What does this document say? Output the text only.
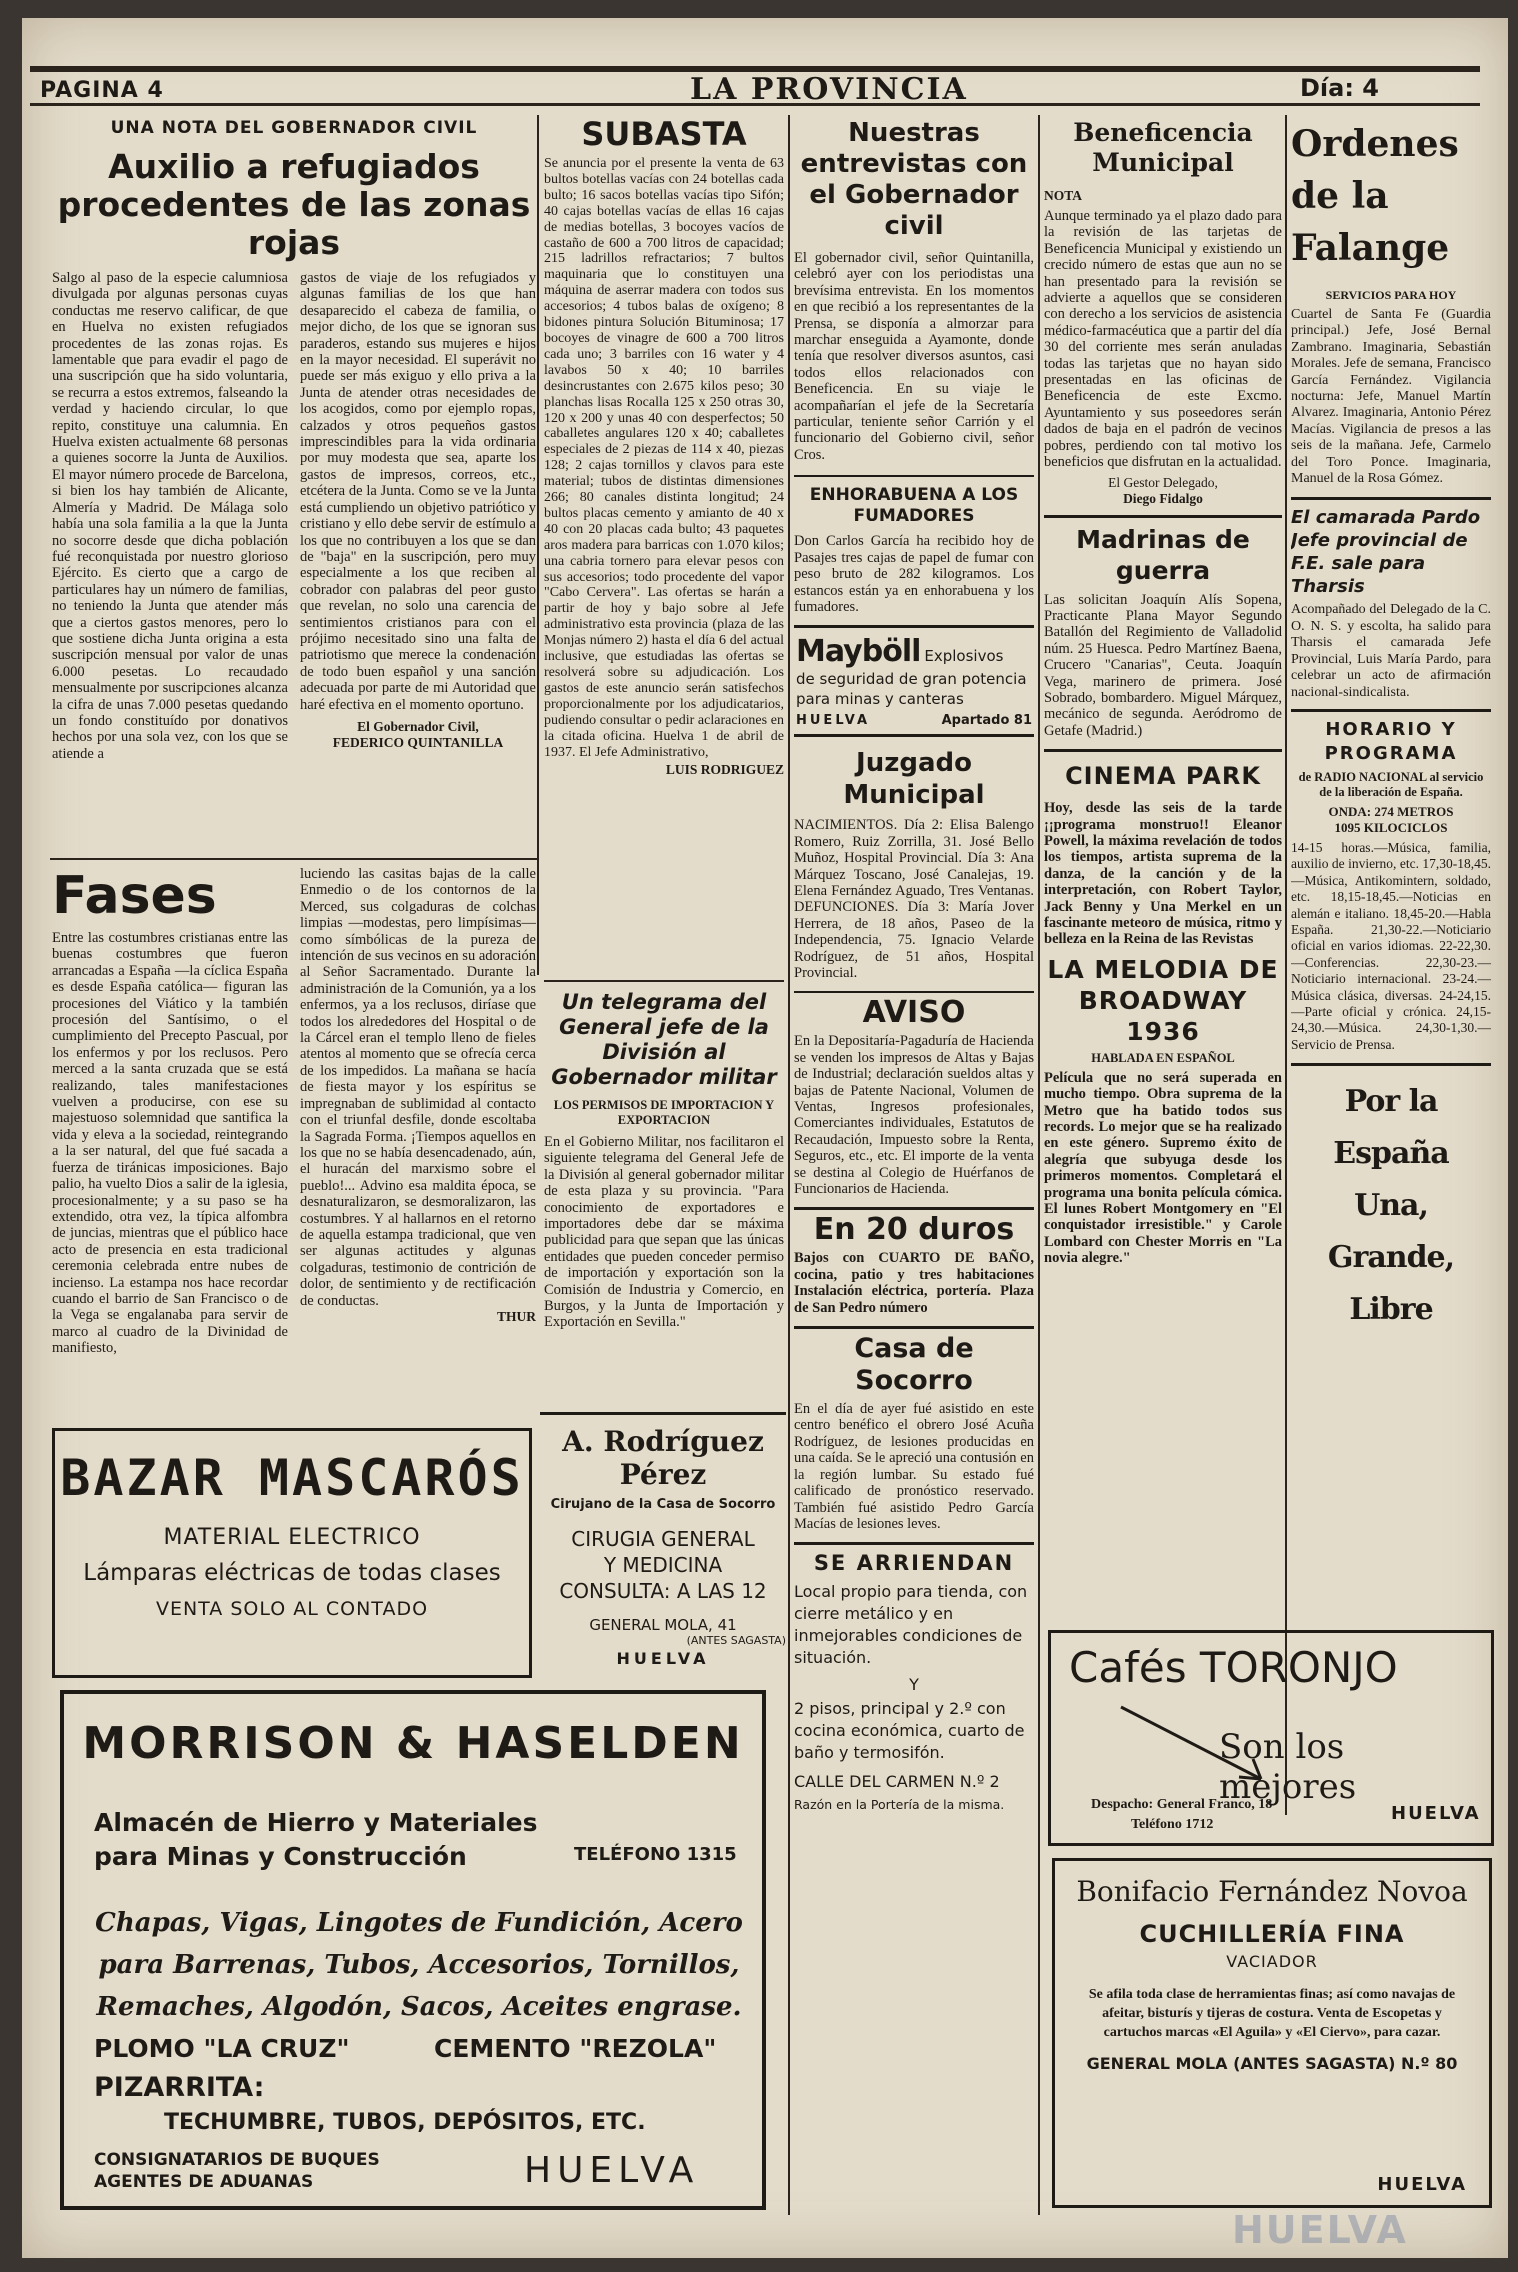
PAGINA 4	LA PROVINCIA	Día: 4
UNA NOTA DEL GOBERNADOR CIVIL
Auxilio a refugiados procedentes de las zonas rojas
Salgo al paso de la especie calumniosa divulgada por algunas personas cuyas conductas me reservo calificar, de que en Huelva no existen refugiados procedentes de las zonas rojas. Es lamentable que para evadir el pago de una suscripción que ha sido voluntaria, se recurra a estos extremos, falseando la verdad y haciendo circular, lo que repito, constituye una calumnia. En Huelva existen actualmente 68 personas a quienes socorre la Junta de Auxilios. El mayor número procede de Barcelona, si bien los hay también de Alicante, Almería y Madrid. De Málaga solo había una sola familia a la que la Junta no socorre desde que dicha población fué reconquistada por nuestro glorioso Ejército. Es cierto que a cargo de particulares hay un número de familias, no teniendo la Junta que atender más que a ciertos gastos menores, pero lo que sostiene dicha Junta origina a esta suscripción mensual por valor de unas 6.000 pesetas. Lo recaudado mensualmente por suscripciones alcanza la cifra de unas 7.000 pesetas quedando un fondo constituído por donativos hechos por una sola vez, con los que se atiende a
gastos de viaje de los refugiados y algunas familias de los que han desaparecido el cabeza de familia, o mejor dicho, de los que se ignoran sus paraderos, estando sus mujeres e hijos en la mayor necesidad. El superávit no puede ser más exiguo y ello priva a la Junta de atender otras necesidades de los acogidos, como por ejemplo ropas, calzados y otros pequeños gastos imprescindibles para la vida ordinaria por muy modesta que sea, aparte los gastos de impresos, correos, etc., etcétera de la Junta. Como se ve la Junta está cumpliendo un objetivo patriótico y cristiano y ello debe servir de estímulo a los que no contribuyen a los que se dan de "baja" en la suscripción, pero muy especialmente a los que reciben al cobrador con palabras del peor gusto que revelan, no solo una carencia de sentimientos cristianos para con el prójimo necesitado sino una falta de patriotismo que merece la condenación de todo buen español y una sanción adecuada por parte de mi Autoridad que haré efectiva en el momento oportuno.
El Gobernador Civil,
FEDERICO QUINTANILLA
Fases
Entre las costumbres cristianas entre las buenas costumbres que fueron arrancadas a España —la cíclica España es desde España católica— figuran las procesiones del Viático y la también procesión del Santísimo, o el cumplimiento del Precepto Pascual, por los enfermos y por los reclusos. Pero merced a la santa cruzada que se está realizando, tales manifestaciones vuelven a producirse, con ese su majestuoso solemnidad que santifica la vida y eleva a la sociedad, reintegrando a la ser natural, del que fué sacada a fuerza de tiránicas imposiciones. Bajo palio, ha vuelto Dios a salir de la iglesia, procesionalmente; y a su paso se ha extendido, otra vez, la típica alfombra de juncias, mientras que el público hace acto de presencia en esta tradicional ceremonia celebrada entre nubes de incienso. La estampa nos hace recordar cuando el barrio de San Francisco o de la Vega se engalanaba para servir de marco al cuadro de la Divinidad de manifiesto,
luciendo las casitas bajas de la calle Enmedio o de los contornos de la Merced, sus colgaduras de colchas limpias —modestas, pero limpísimas— como símbólicas de la pureza de intención de sus vecinos en su adoración al Señor Sacramentado. Durante la administración de la Comunión, ya a los enfermos, ya a los reclusos, diríase que todos los alrededores del Hospital o de la Cárcel eran el templo lleno de fieles atentos al momento que se ofrecía cerca de los impedidos. La mañana se hacía de fiesta mayor y los espíritus se impregnaban de sublimidad al contacto con el triunfal desfile, donde escoltaba la Sagrada Forma. ¡Tiempos aquellos en los que no se había desencadenado, aún, el huracán del marxismo sobre el pueblo!... Advino esa maldita época, se desnaturalizaron, se desmoralizaron, las costumbres. Y al hallarnos en el retorno de aquella estampa tradicional, que ven ser algunas actitudes y algunas colgaduras, testimonio de contrición de dolor, de sentimiento y de rectificación de conductas.
THUR
BAZAR MASCARÓS
MATERIAL ELECTRICO
Lámparas eléctricas de todas clases
VENTA SOLO AL CONTADO
MORRISON & HASELDEN
Almacén de Hierro y Materiales
para Minas y Construcción	TELÉFONO 1315
Chapas, Vigas, Lingotes de Fundición, Acero
para Barrenas, Tubos, Accesorios, Tornillos,
Remaches, Algodón, Sacos, Aceites engrase.
PLOMO "LA CRUZ"	CEMENTO "REZOLA"
PIZARRITA:
TECHUMBRE, TUBOS, DEPÓSITOS, ETC.
CONSIGNATARIOS DE BUQUES
AGENTES DE ADUANAS	HUELVA
SUBASTA
Se anuncia por el presente la venta de 63 bultos botellas vacías con 24 botellas cada bulto; 16 sacos botellas vacías tipo Sifón; 40 cajas botellas vacías de ellas 16 cajas de medias botellas, 3 bocoyes vacíos de castaño de 600 a 700 litros de capacidad; 215 ladrillos refractarios; 7 bultos maquinaria que lo constituyen una máquina de aserrar madera con todos sus accesorios; 4 tubos balas de oxígeno; 8 bidones pintura Solución Bituminosa; 17 bocoyes de vinagre de 600 a 700 litros cada uno; 3 barriles con 16 water y 4 lavabos 50 x 40; 10 barriles desincrustantes con 2.675 kilos peso; 30 planchas lisas Rocalla 125 x 250 otras 30, 120 x 200 y unas 40 con desperfectos; 50 caballetes angulares 120 x 40; caballetes especiales de 2 piezas de 114 x 40, piezas 128; 2 cajas tornillos y clavos para este material; tubos de distintas dimensiones 266; 80 canales distinta longitud; 24 bultos placas cemento y amianto de 40 x 40 con 20 placas cada bulto; 43 paquetes aros madera para barricas con 1.070 kilos; una cabria tornero para elevar pesos con sus accesorios; todo procedente del vapor "Cabo Cervera". Las ofertas se harán a partir de hoy y bajo sobre al Jefe administrativo esta provincia (plaza de las Monjas número 2) hasta el día 6 del actual inclusive, que estudiadas las ofertas se resolverá sobre su adjudicación. Los gastos de este anuncio serán satisfechos proporcionalmente por los adjudicatarios, pudiendo consultar o pedir aclaraciones en la citada oficina. Huelva 1 de abril de 1937. El Jefe Administrativo,
LUIS RODRIGUEZ
Un telegrama del General jefe de la División al Gobernador militar
LOS PERMISOS DE IMPORTACION Y EXPORTACION
En el Gobierno Militar, nos facilitaron el siguiente telegrama del General Jefe de la División al general gobernador militar de esta plaza y su provincia. "Para conocimiento de exportadores e importadores debe dar se máxima publicidad para que sepan que las únicas entidades que pueden conceder permiso de importación y exportación son la Comisión de Industria y Comercio, en Burgos, y la Junta de Importación y Exportación en Sevilla."
A. Rodríguez Pérez
Cirujano de la Casa de Socorro
CIRUGIA GENERAL
Y MEDICINA
CONSULTA: A LAS 12
GENERAL MOLA, 41
(ANTES SAGASTA)
HUELVA
Nuestras entrevistas con el Gobernador civil
El gobernador civil, señor Quintanilla, celebró ayer con los periodistas una brevísima entrevista. En los momentos en que recibió a los representantes de la Prensa, se disponía a almorzar para marchar enseguida a Ayamonte, donde tenía que resolver diversos asuntos, casi todos ellos relacionados con Beneficencia. En su viaje le acompañarían el jefe de la Secretaría particular, teniente señor Carrión y el funcionario del Gobierno civil, señor Cros.
ENHORABUENA A LOS FUMADORES
Don Carlos García ha recibido hoy de Pasajes tres cajas de papel de fumar con peso bruto de 282 kilogramos. Los estancos están ya en enhorabuena y los fumadores.
Mayböll Explosivos
de seguridad de gran potencia para minas y canteras
HUELVA	Apartado 81
Juzgado Municipal
NACIMIENTOS. Día 2: Elisa Balengo Romero, Ruiz Zorrilla, 31. José Bello Muñoz, Hospital Provincial. Día 3: Ana Márquez Toscano, José Canalejas, 19. Elena Fernández Aguado, Tres Ventanas. DEFUNCIONES. Día 3: María Jover Herrera, de 18 años, Paseo de la Independencia, 75. Ignacio Velarde Rodríguez, de 51 años, Hospital Provincial.
AVISO
En la Depositaría-Pagaduría de Hacienda se venden los impresos de Altas y Bajas de Industrial; declaración sueldos altas y bajas de Patente Nacional, Volumen de Ventas, Ingresos profesionales, Comerciantes individuales, Estatutos de Recaudación, Impuesto sobre la Renta, Seguros, etc., etc. El importe de la venta se destina al Colegio de Huérfanos de Funcionarios de Hacienda.
En 20 duros
Bajos con CUARTO DE BAÑO, cocina, patio y tres habitaciones Instalación eléctrica, portería. Plaza de San Pedro número
Casa de Socorro
En el día de ayer fué asistido en este centro benéfico el obrero José Acuña Rodríguez, de lesiones producidas en una caída. Se le apreció una contusión en la región lumbar. Su estado fué calificado de pronóstico reservado. También fué asistido Pedro García Macías de lesiones leves.
SE ARRIENDAN
Local propio para tienda, con cierre metálico y en inmejorables condiciones de situación.
Y
2 pisos, principal y 2.º con cocina económica, cuarto de baño y termosifón.
CALLE DEL CARMEN N.º 2
Razón en la Portería de la misma.
Beneficencia Municipal
NOTA
Aunque terminado ya el plazo dado para la revisión de las tarjetas de Beneficencia Municipal y existiendo un crecido número de estas que aun no se han presentado para la revisión se advierte a aquellos que se consideren con derecho a los servicios de asistencia médico-farmacéutica que a partir del día 30 del corriente mes serán anuladas todas las tarjetas que no hayan sido presentadas en las oficinas de Beneficencia de este Excmo. Ayuntamiento y sus poseedores serán dados de baja en el padrón de vecinos pobres, perdiendo con tal motivo los beneficios que disfrutan en la actualidad.
El Gestor Delegado,
Diego Fidalgo
Madrinas de guerra
Las solicitan Joaquín Alís Sopena, Practicante Plana Mayor Segundo Batallón del Regimiento de Valladolid núm. 25 Huesca. Pedro Martínez Baena, Crucero "Canarias", Ceuta. Joaquín Vega, marinero de primera. José Sobrado, bombardero. Miguel Márquez, mecánico de segunda. Aeródromo de Getafe (Madrid.)
CINEMA PARK
Hoy, desde las seis de la tarde ¡¡programa monstruo!! Eleanor Powell, la máxima revelación de todos los tiempos, artista suprema de la danza, de la canción y de la interpretación, con Robert Taylor, Jack Benny y Una Merkel en un fascinante meteoro de música, ritmo y belleza en la Reina de las Revistas
LA MELODIA DE BROADWAY 1936
HABLADA EN ESPAÑOL
Película que no será superada en mucho tiempo. Obra suprema de la Metro que ha batido todos sus records. Lo mejor que se ha realizado en este género. Supremo éxito de alegría que subyuga desde los primeros momentos. Completará el programa una bonita película cómica. El lunes Robert Montgomery en "El conquistador irresistible." y Carole Lombard con Chester Morris en "La novia alegre."
Ordenes de la Falange
SERVICIOS PARA HOY
Cuartel de Santa Fe (Guardia principal.) Jefe, José Bernal Zambrano. Imaginaria, Sebastián Morales. Jefe de semana, Francisco García Fernández. Vigilancia nocturna: Jefe, Manuel Martín Alvarez. Imaginaria, Antonio Pérez Macías. Vigilancia de presos a las seis de la mañana. Jefe, Carmelo del Toro Ponce. Imaginaria, Manuel de la Rosa Gómez.
El camarada Pardo Jefe provincial de F.E. sale para Tharsis
Acompañado del Delegado de la C. O. N. S. y escolta, ha salido para Tharsis el camarada Jefe Provincial, Luis María Pardo, para celebrar un acto de afirmación nacional-sindicalista.
HORARIO Y PROGRAMA
de RADIO NACIONAL al servicio de la liberación de España.
ONDA: 274 METROS
1095 KILOCICLOS
14-15 horas.—Música, familia, auxilio de invierno, etc. 17,30-18,45.—Música, Antikomintern, soldado, etc. 18,15-18,45.—Noticias en alemán e italiano. 18,45-20.—Habla España. 21,30-22.—Noticiario oficial en varios idiomas. 22-22,30.—Conferencias. 22,30-23.—Noticiario internacional. 23-24.—Música clásica, diversas. 24-24,15.—Parte oficial y crónica. 24,15-24,30.—Música. 24,30-1,30.—Servicio de Prensa.
Por la España
Una, Grande,
Libre
Cafés TORONJO
Son los mejores
Despacho: General Franco, 18
Teléfono 1712
HUELVA
Bonifacio Fernández Novoa
CUCHILLERÍA FINA
VACIADOR
Se afila toda clase de herramientas finas; así como navajas de afeitar, bisturís y tijeras de costura. Venta de Escopetas y cartuchos marcas «El Aguila» y «El Ciervo», para cazar.
GENERAL MOLA (ANTES SAGASTA) N.º 80
HUELVA
HUELVA
